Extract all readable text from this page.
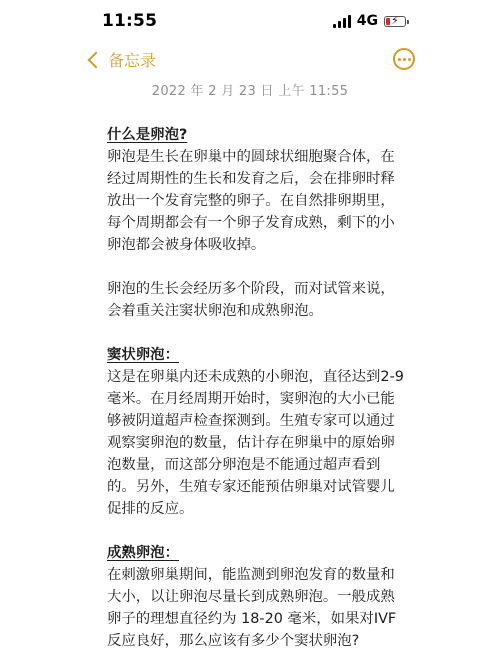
11:55	4G ⚡
备忘录
2022 年 2 月 23 日 上午 11:55

什么是卵泡?

卵泡是生长在卵巢中的圆球状细胞聚合体，在经过周期性的生长和发育之后，会在排卵时释放出一个发育完整的卵子。在自然排卵期里，每个周期都会有一个卵子发育成熟，剩下的小卵泡都会被身体吸收掉。

卵泡的生长会经历多个阶段，而对试管来说，会着重关注窦状卵泡和成熟卵泡。

窦状卵泡：

这是在卵巢内还未成熟的小卵泡，直径达到2-9毫米。在月经周期开始时，窦卵泡的大小已能够被阴道超声检查探测到。生殖专家可以通过观察窦卵泡的数量，估计存在卵巢中的原始卵泡数量，而这部分卵泡是不能通过超声看到的。另外，生殖专家还能预估卵巢对试管婴儿促排的反应。

成熟卵泡：

在刺激卵巢期间，能监测到卵泡发育的数量和大小，以让卵泡尽量长到成熟卵泡。一般成熟卵子的理想直径约为 18-20 毫米，如果对IVF反应良好，那么应该有多少个窦状卵泡?
